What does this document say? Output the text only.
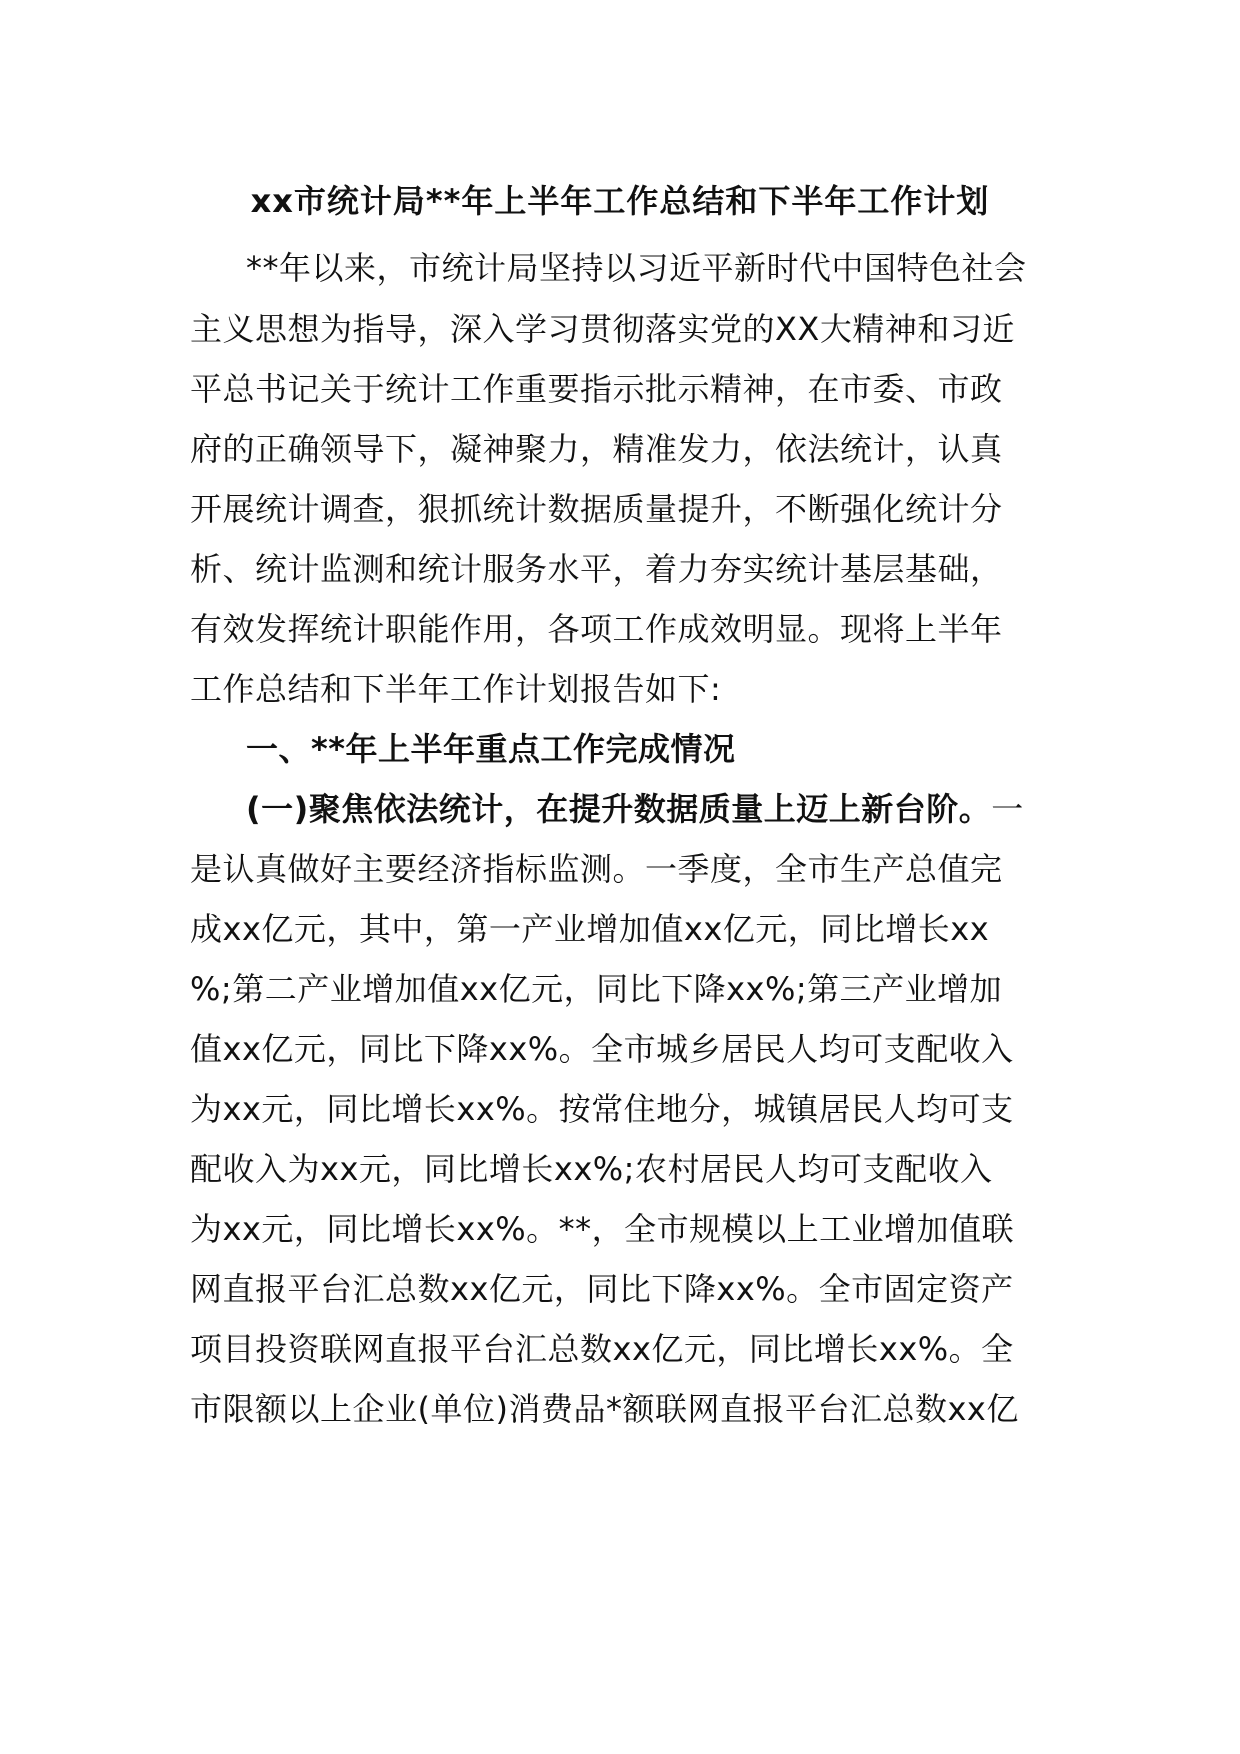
xx市统计局**年上半年工作总结和下半年工作计划
**年以来，市统计局坚持以习近平新时代中国特色社会
主义思想为指导，深入学习贯彻落实党的XX大精神和习近
平总书记关于统计工作重要指示批示精神，在市委、市政
府的正确领导下，凝神聚力，精准发力，依法统计，认真
开展统计调查，狠抓统计数据质量提升，不断强化统计分
析、统计监测和统计服务水平，着力夯实统计基层基础，
有效发挥统计职能作用，各项工作成效明显。现将上半年
工作总结和下半年工作计划报告如下:
一、**年上半年重点工作完成情况
(一)聚焦依法统计，在提升数据质量上迈上新台阶。一
是认真做好主要经济指标监测。一季度，全市生产总值完
成xx亿元，其中，第一产业增加值xx亿元，同比增长xx
%;第二产业增加值xx亿元，同比下降xx%;第三产业增加
值xx亿元，同比下降xx%。全市城乡居民人均可支配收入
为xx元，同比增长xx%。按常住地分，城镇居民人均可支
配收入为xx元，同比增长xx%;农村居民人均可支配收入
为xx元，同比增长xx%。**，全市规模以上工业增加值联
网直报平台汇总数xx亿元，同比下降xx%。全市固定资产
项目投资联网直报平台汇总数xx亿元，同比增长xx%。全
市限额以上企业(单位)消费品*额联网直报平台汇总数xx亿
